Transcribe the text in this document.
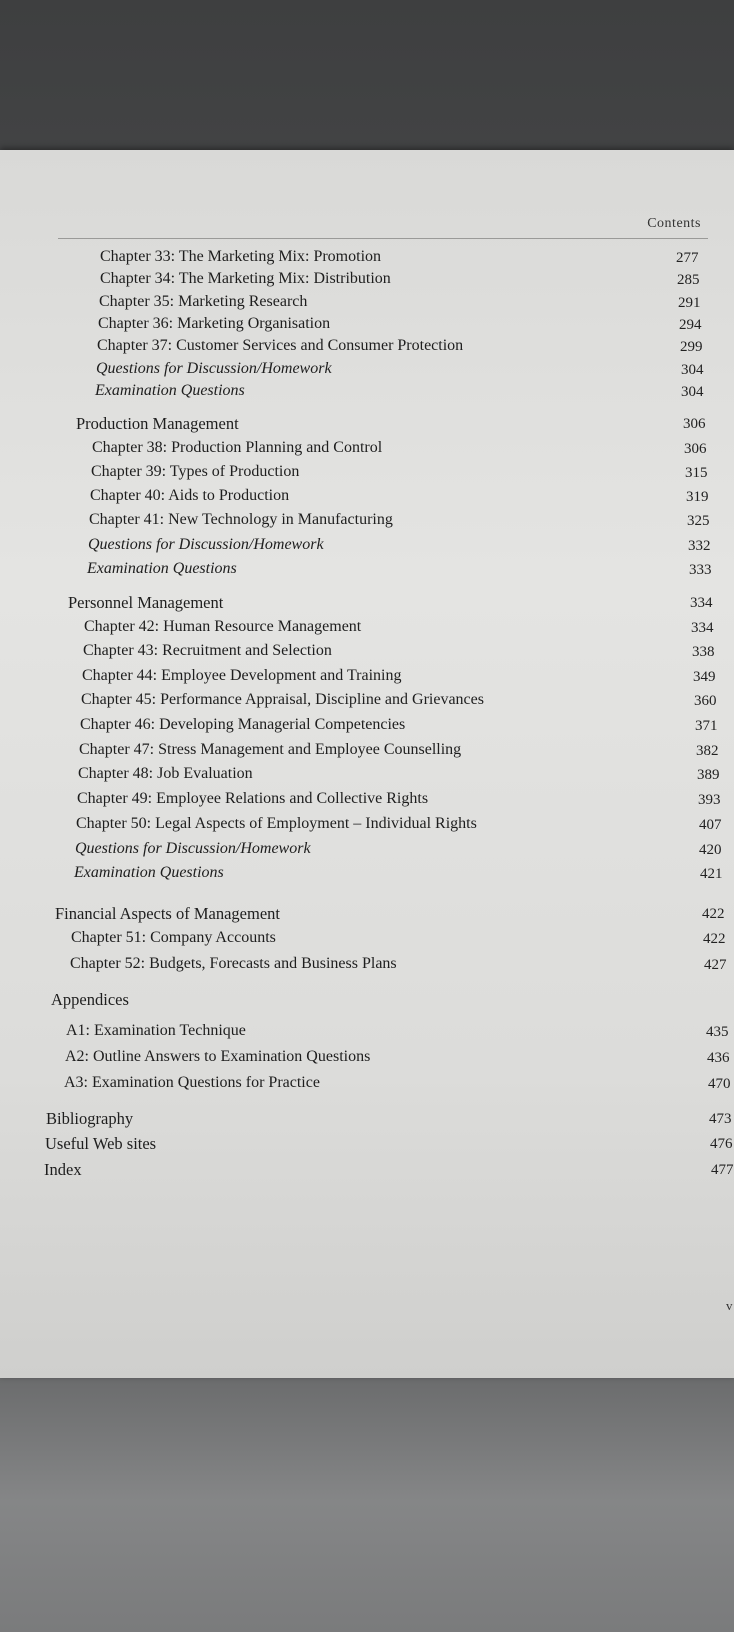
Contents
Chapter 33: The Marketing Mix: Promotion	277
Chapter 34: The Marketing Mix: Distribution	285
Chapter 35: Marketing Research	291
Chapter 36: Marketing Organisation	294
Chapter 37: Customer Services and Consumer Protection	299
Questions for Discussion/Homework	304
Examination Questions	304
Production Management	306
Chapter 38: Production Planning and Control	306
Chapter 39: Types of Production	315
Chapter 40: Aids to Production	319
Chapter 41: New Technology in Manufacturing	325
Questions for Discussion/Homework	332
Examination Questions	333
Personnel Management	334
Chapter 42: Human Resource Management	334
Chapter 43: Recruitment and Selection	338
Chapter 44: Employee Development and Training	349
Chapter 45: Performance Appraisal, Discipline and Grievances	360
Chapter 46: Developing Managerial Competencies	371
Chapter 47: Stress Management and Employee Counselling	382
Chapter 48: Job Evaluation	389
Chapter 49: Employee Relations and Collective Rights	393
Chapter 50: Legal Aspects of Employment – Individual Rights	407
Questions for Discussion/Homework	420
Examination Questions	421
Financial Aspects of Management	422
Chapter 51: Company Accounts	422
Chapter 52: Budgets, Forecasts and Business Plans	427
Appendices
A1: Examination Technique	435
A2: Outline Answers to Examination Questions	436
A3: Examination Questions for Practice	470
Bibliography	473
Useful Web sites	476
Index	477
v
